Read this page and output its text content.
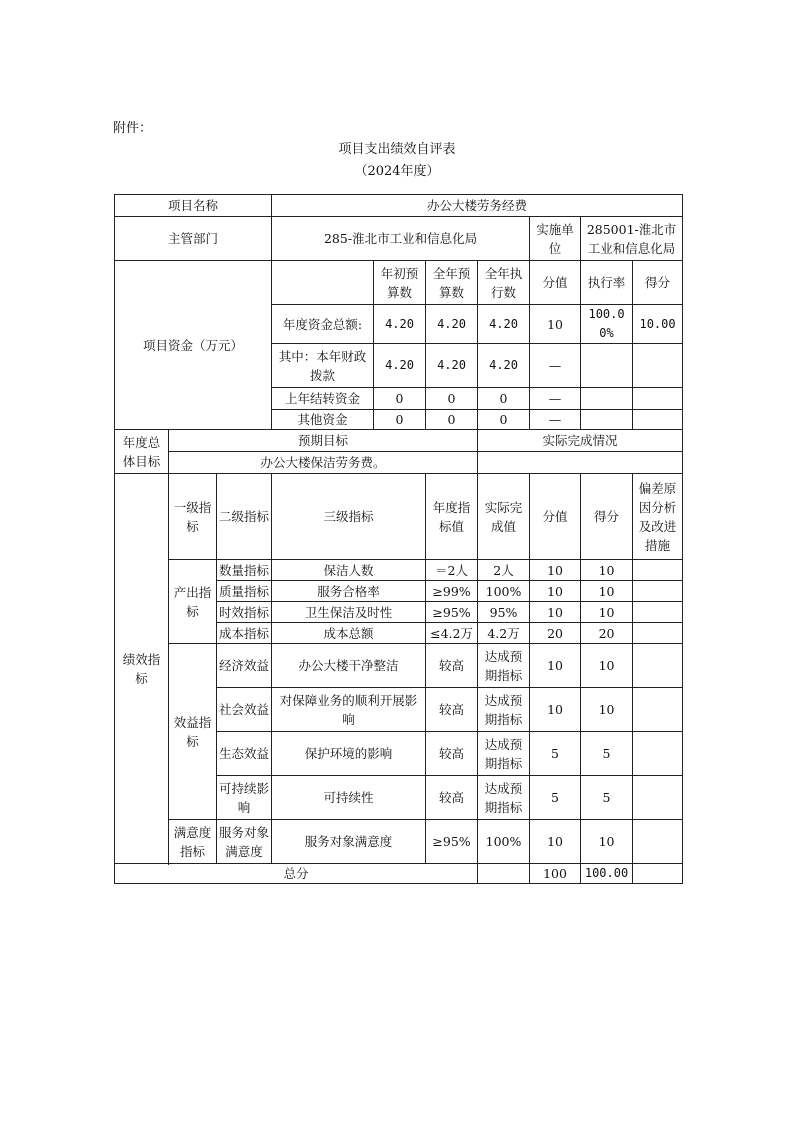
附件：
项目支出绩效自评表
（2024年度）
项目名称			办公大楼劳务经费						
主管部门			285-淮北市工业和信息化局				实施单位	285001-淮北市工业和信息化局	
项目资金（万元）				年初预算数	全年预算数	全年执行数	分值	执行率	得分
			年度资金总额:	4.20	4.20	4.20	10	100.00%	10.00
			其中：本年财政拨款	4.20	4.20	4.20	—		
			上年结转资金	0	0	0	—		
			其他资金	0	0	0	—		
年度总体目标	预期目标					实际完成情况			
	办公大楼保洁劳务费。								
绩效指标	一级指标	二级指标	三级指标		年度指标值	实际完成值	分值	得分	偏差原因分析及改进措施
	产出指标	数量指标	保洁人数		＝2人	2人	10	10	
		质量指标	服务合格率		≥99%	100%	10	10	
		时效指标	卫生保洁及时性		≥95%	95%	10	10	
		成本指标	成本总额		≤4.2万	4.2万	20	20	
	效益指标	经济效益	办公大楼干净整洁		较高	达成预期指标	10	10	
		社会效益	对保障业务的顺利开展影响		较高	达成预期指标	10	10	
		生态效益	保护环境的影响		较高	达成预期指标	5	5	
		可持续影响	可持续性		较高	达成预期指标	5	5	
	满意度指标	服务对象满意度	服务对象满意度		≥95%	100%	10	10	

总分							100	100.00	
